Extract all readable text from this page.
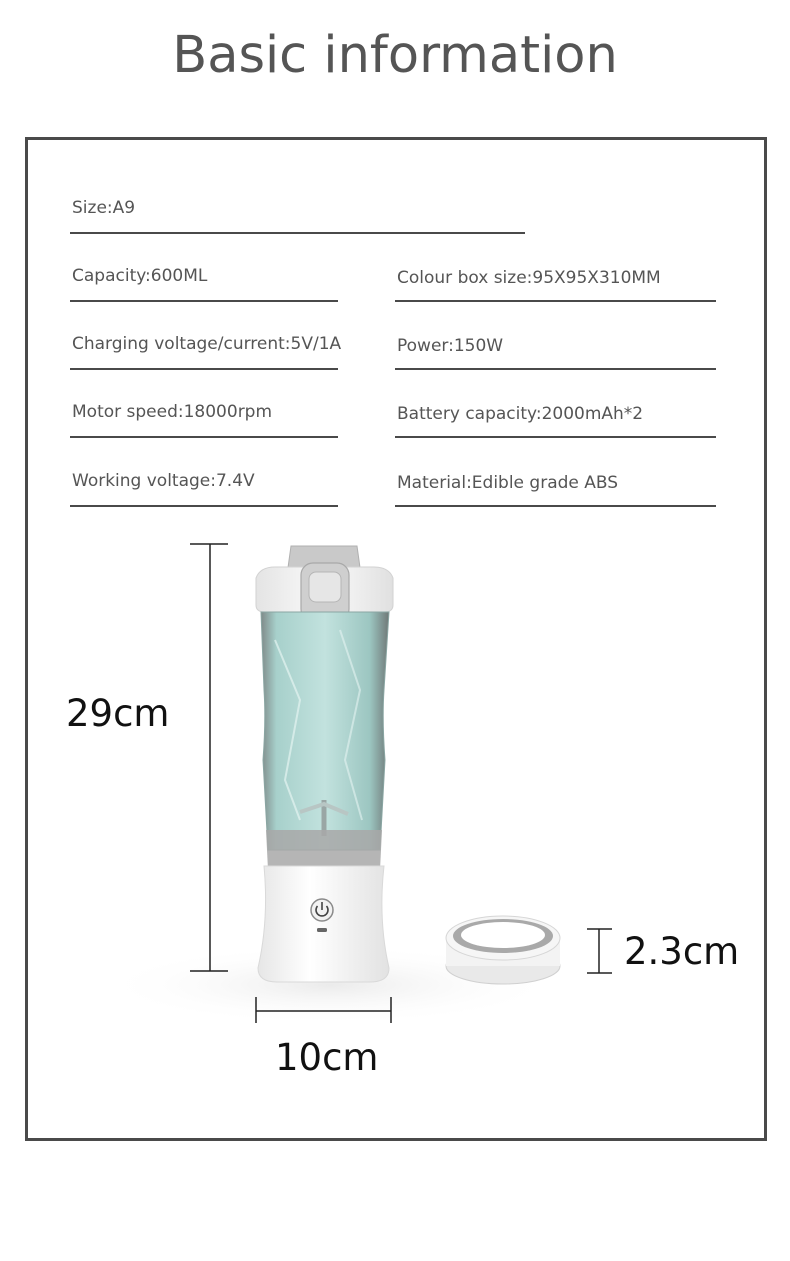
Basic information
Size:A9
Capacity:600ML	Colour box size:95X95X310MM
Charging voltage/current:5V/1A	Power:150W
Motor speed:18000rpm	Battery capacity:2000mAh*2
Working voltage:7.4V	Material:Edible grade ABS
29cm
10cm
2.3cm
